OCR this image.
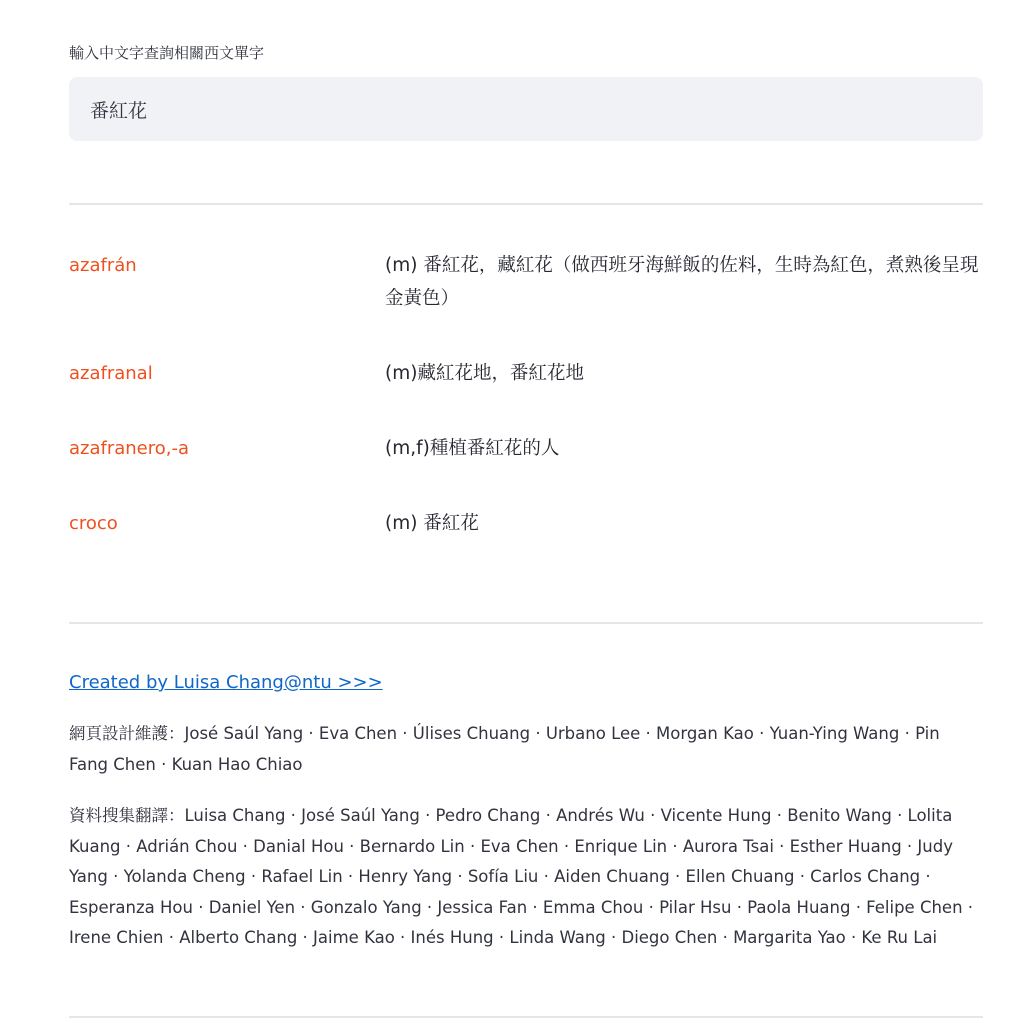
輸入中文字查詢相關西文單字
番紅花
azafrán	(m) 番紅花，藏紅花（做西班牙海鮮飯的佐料，生時為紅色，煮熟後呈現金黃色）
azafranal	(m)藏紅花地，番紅花地
azafranero,-a	(m,f)種植番紅花的人
croco	(m) 番紅花
Created by Luisa Chang@ntu >>>
網頁設計維護：José Saúl Yang · Eva Chen · Úlises Chuang · Urbano Lee · Morgan Kao · Yuan-Ying Wang · Pin Fang Chen · Kuan Hao Chiao
資料搜集翻譯：Luisa Chang · José Saúl Yang · Pedro Chang · Andrés Wu · Vicente Hung · Benito Wang · Lolita Kuang · Adrián Chou · Danial Hou · Bernardo Lin · Eva Chen · Enrique Lin · Aurora Tsai · Esther Huang · Judy Yang · Yolanda Cheng · Rafael Lin · Henry Yang · Sofía Liu · Aiden Chuang · Ellen Chuang · Carlos Chang · Esperanza Hou · Daniel Yen · Gonzalo Yang · Jessica Fan · Emma Chou · Pilar Hsu · Paola Huang · Felipe Chen · Irene Chien · Alberto Chang · Jaime Kao · Inés Hung · Linda Wang · Diego Chen · Margarita Yao · Ke Ru Lai
